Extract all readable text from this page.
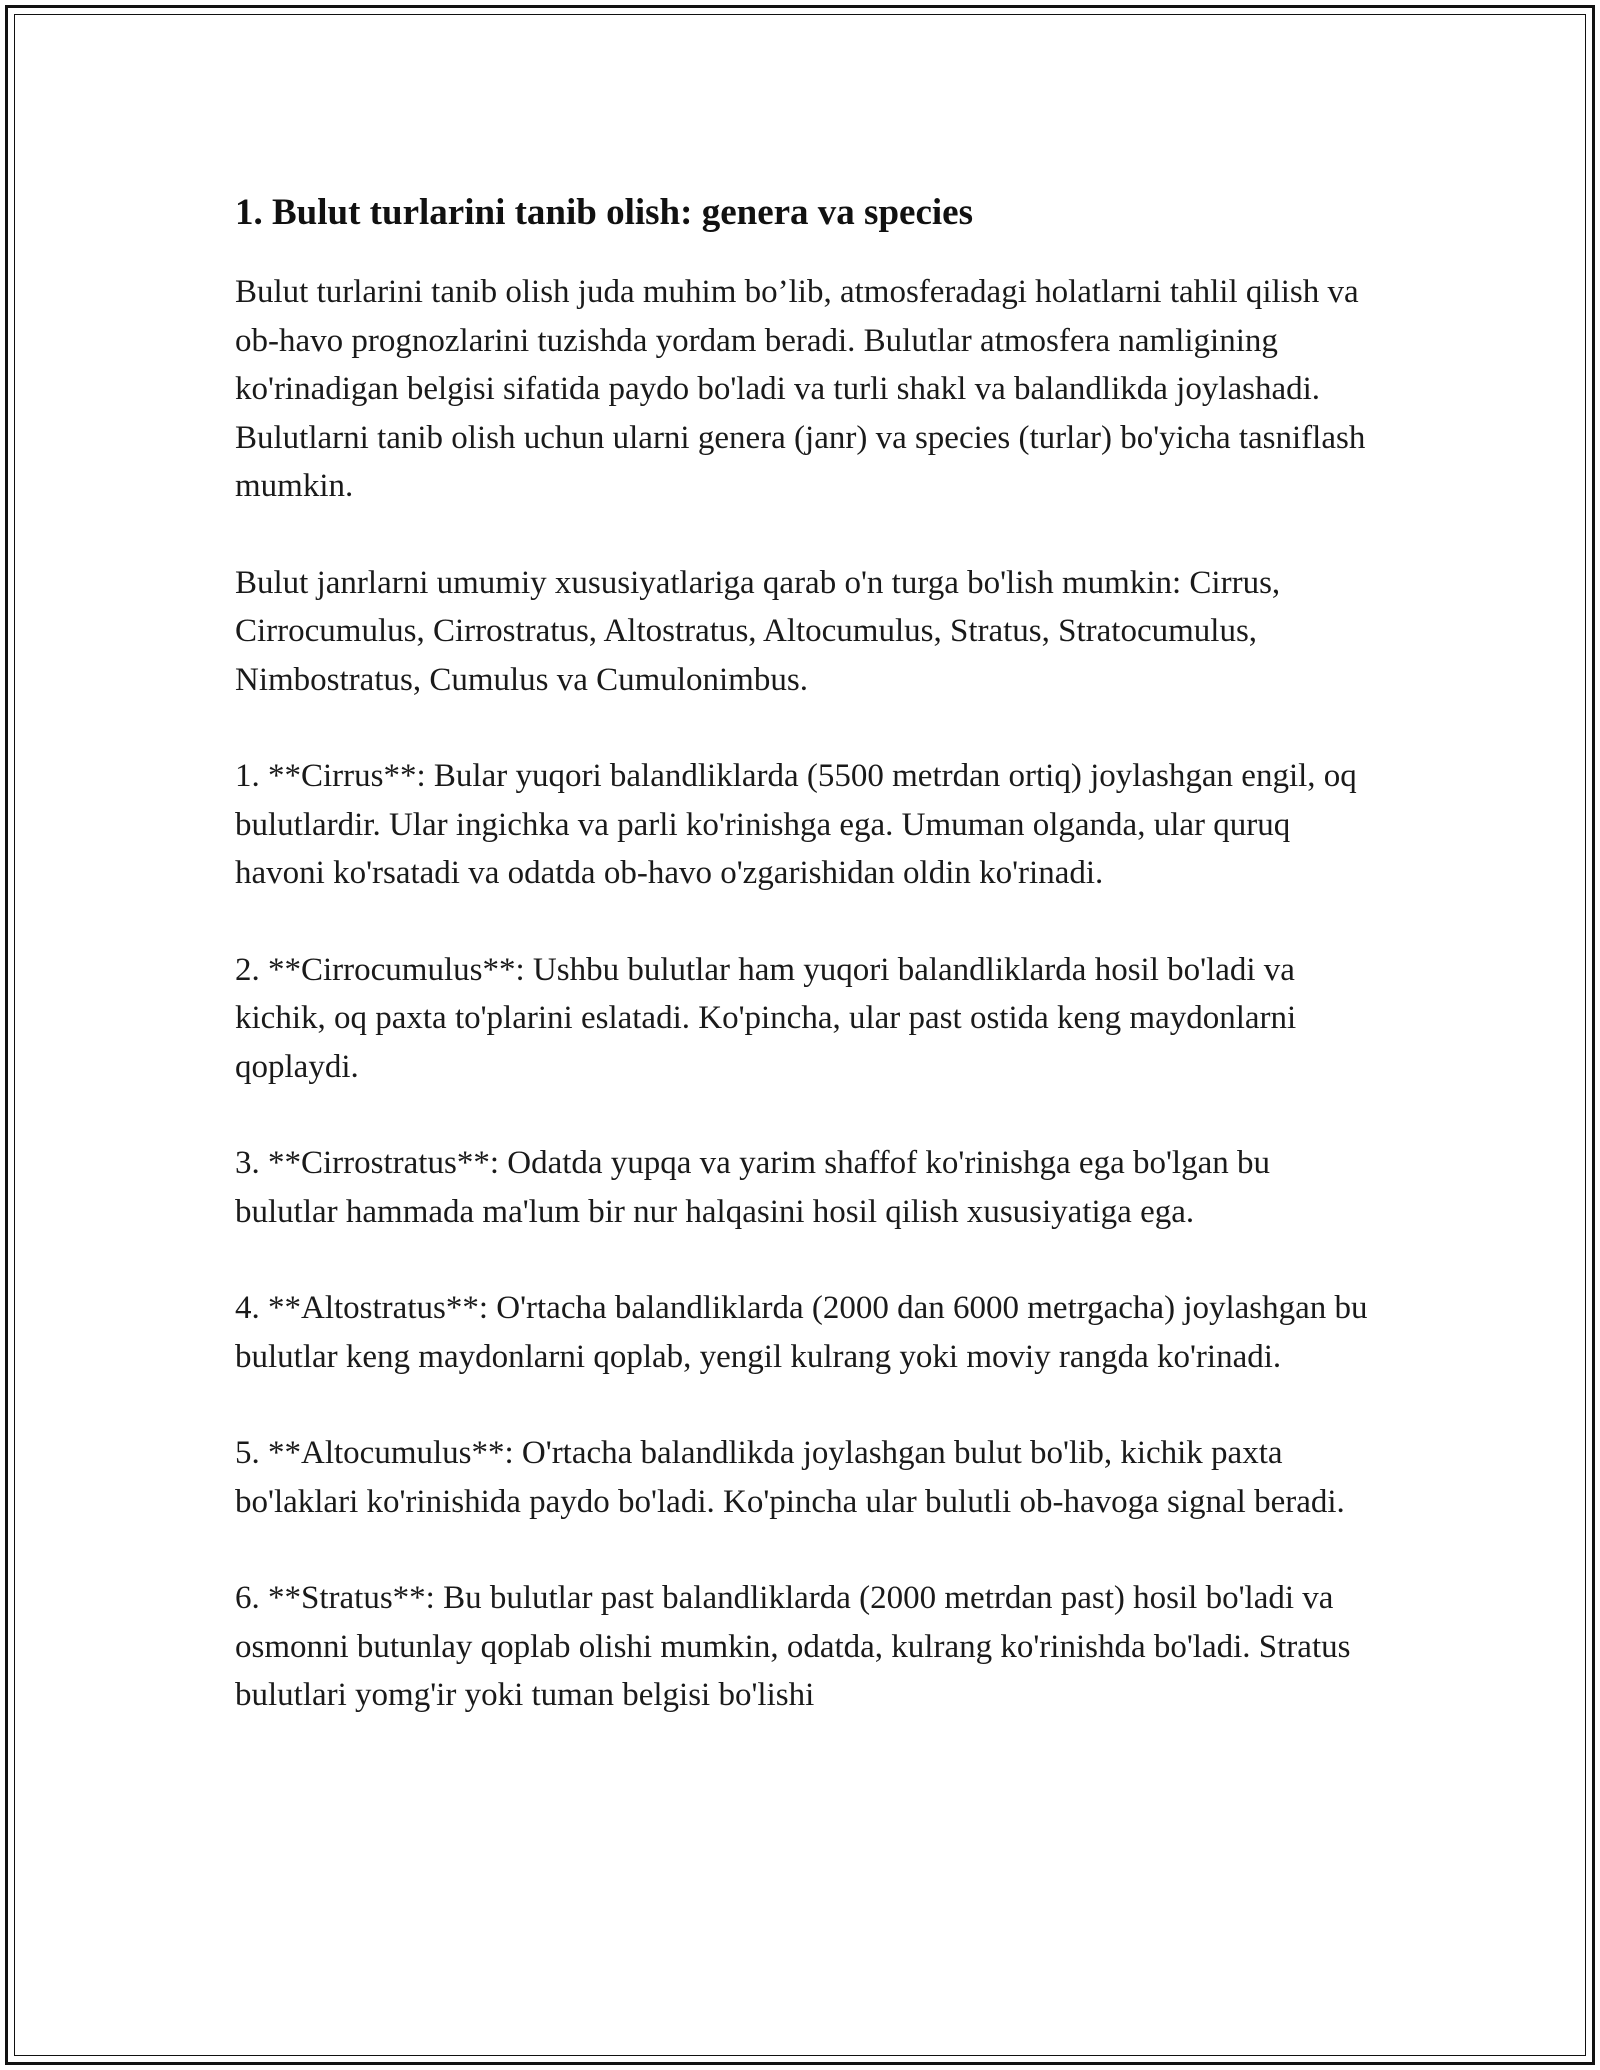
1. Bulut turlarini tanib olish: genera va species

Bulut turlarini tanib olish juda muhim bo’lib, atmosferadagi holatlarni tahlil qilish va ob-havo prognozlarini tuzishda yordam beradi. Bulutlar atmosfera namligining ko'rinadigan belgisi sifatida paydo bo'ladi va turli shakl va balandlikda joylashadi. Bulutlarni tanib olish uchun ularni genera (janr) va species (turlar) bo'yicha tasniflash mumkin.

Bulut janrlarni umumiy xususiyatlariga qarab o'n turga bo'lish mumkin: Cirrus, Cirrocumulus, Cirrostratus, Altostratus, Altocumulus, Stratus, Stratocumulus, Nimbostratus, Cumulus va Cumulonimbus.

1. **Cirrus**: Bular yuqori balandliklarda (5500 metrdan ortiq) joylashgan engil, oq bulutlardir. Ular ingichka va parli ko'rinishga ega. Umuman olganda, ular quruq havoni ko'rsatadi va odatda ob-havo o'zgarishidan oldin ko'rinadi.

2. **Cirrocumulus**: Ushbu bulutlar ham yuqori balandliklarda hosil bo'ladi va kichik, oq paxta to'plarini eslatadi. Ko'pincha, ular past ostida keng maydonlarni qoplaydi.

3. **Cirrostratus**: Odatda yupqa va yarim shaffof ko'rinishga ega bo'lgan bu bulutlar hammada ma'lum bir nur halqasini hosil qilish xususiyatiga ega.

4. **Altostratus**: O'rtacha balandliklarda (2000 dan 6000 metrgacha) joylashgan bu bulutlar keng maydonlarni qoplab, yengil kulrang yoki moviy rangda ko'rinadi.

5. **Altocumulus**: O'rtacha balandlikda joylashgan bulut bo'lib, kichik paxta bo'laklari ko'rinishida paydo bo'ladi. Ko'pincha ular bulutli ob-havoga signal beradi.

6. **Stratus**: Bu bulutlar past balandliklarda (2000 metrdan past) hosil bo'ladi va osmonni butunlay qoplab olishi mumkin, odatda, kulrang ko'rinishda bo'ladi. Stratus bulutlari yomg'ir yoki tuman belgisi bo'lishi
